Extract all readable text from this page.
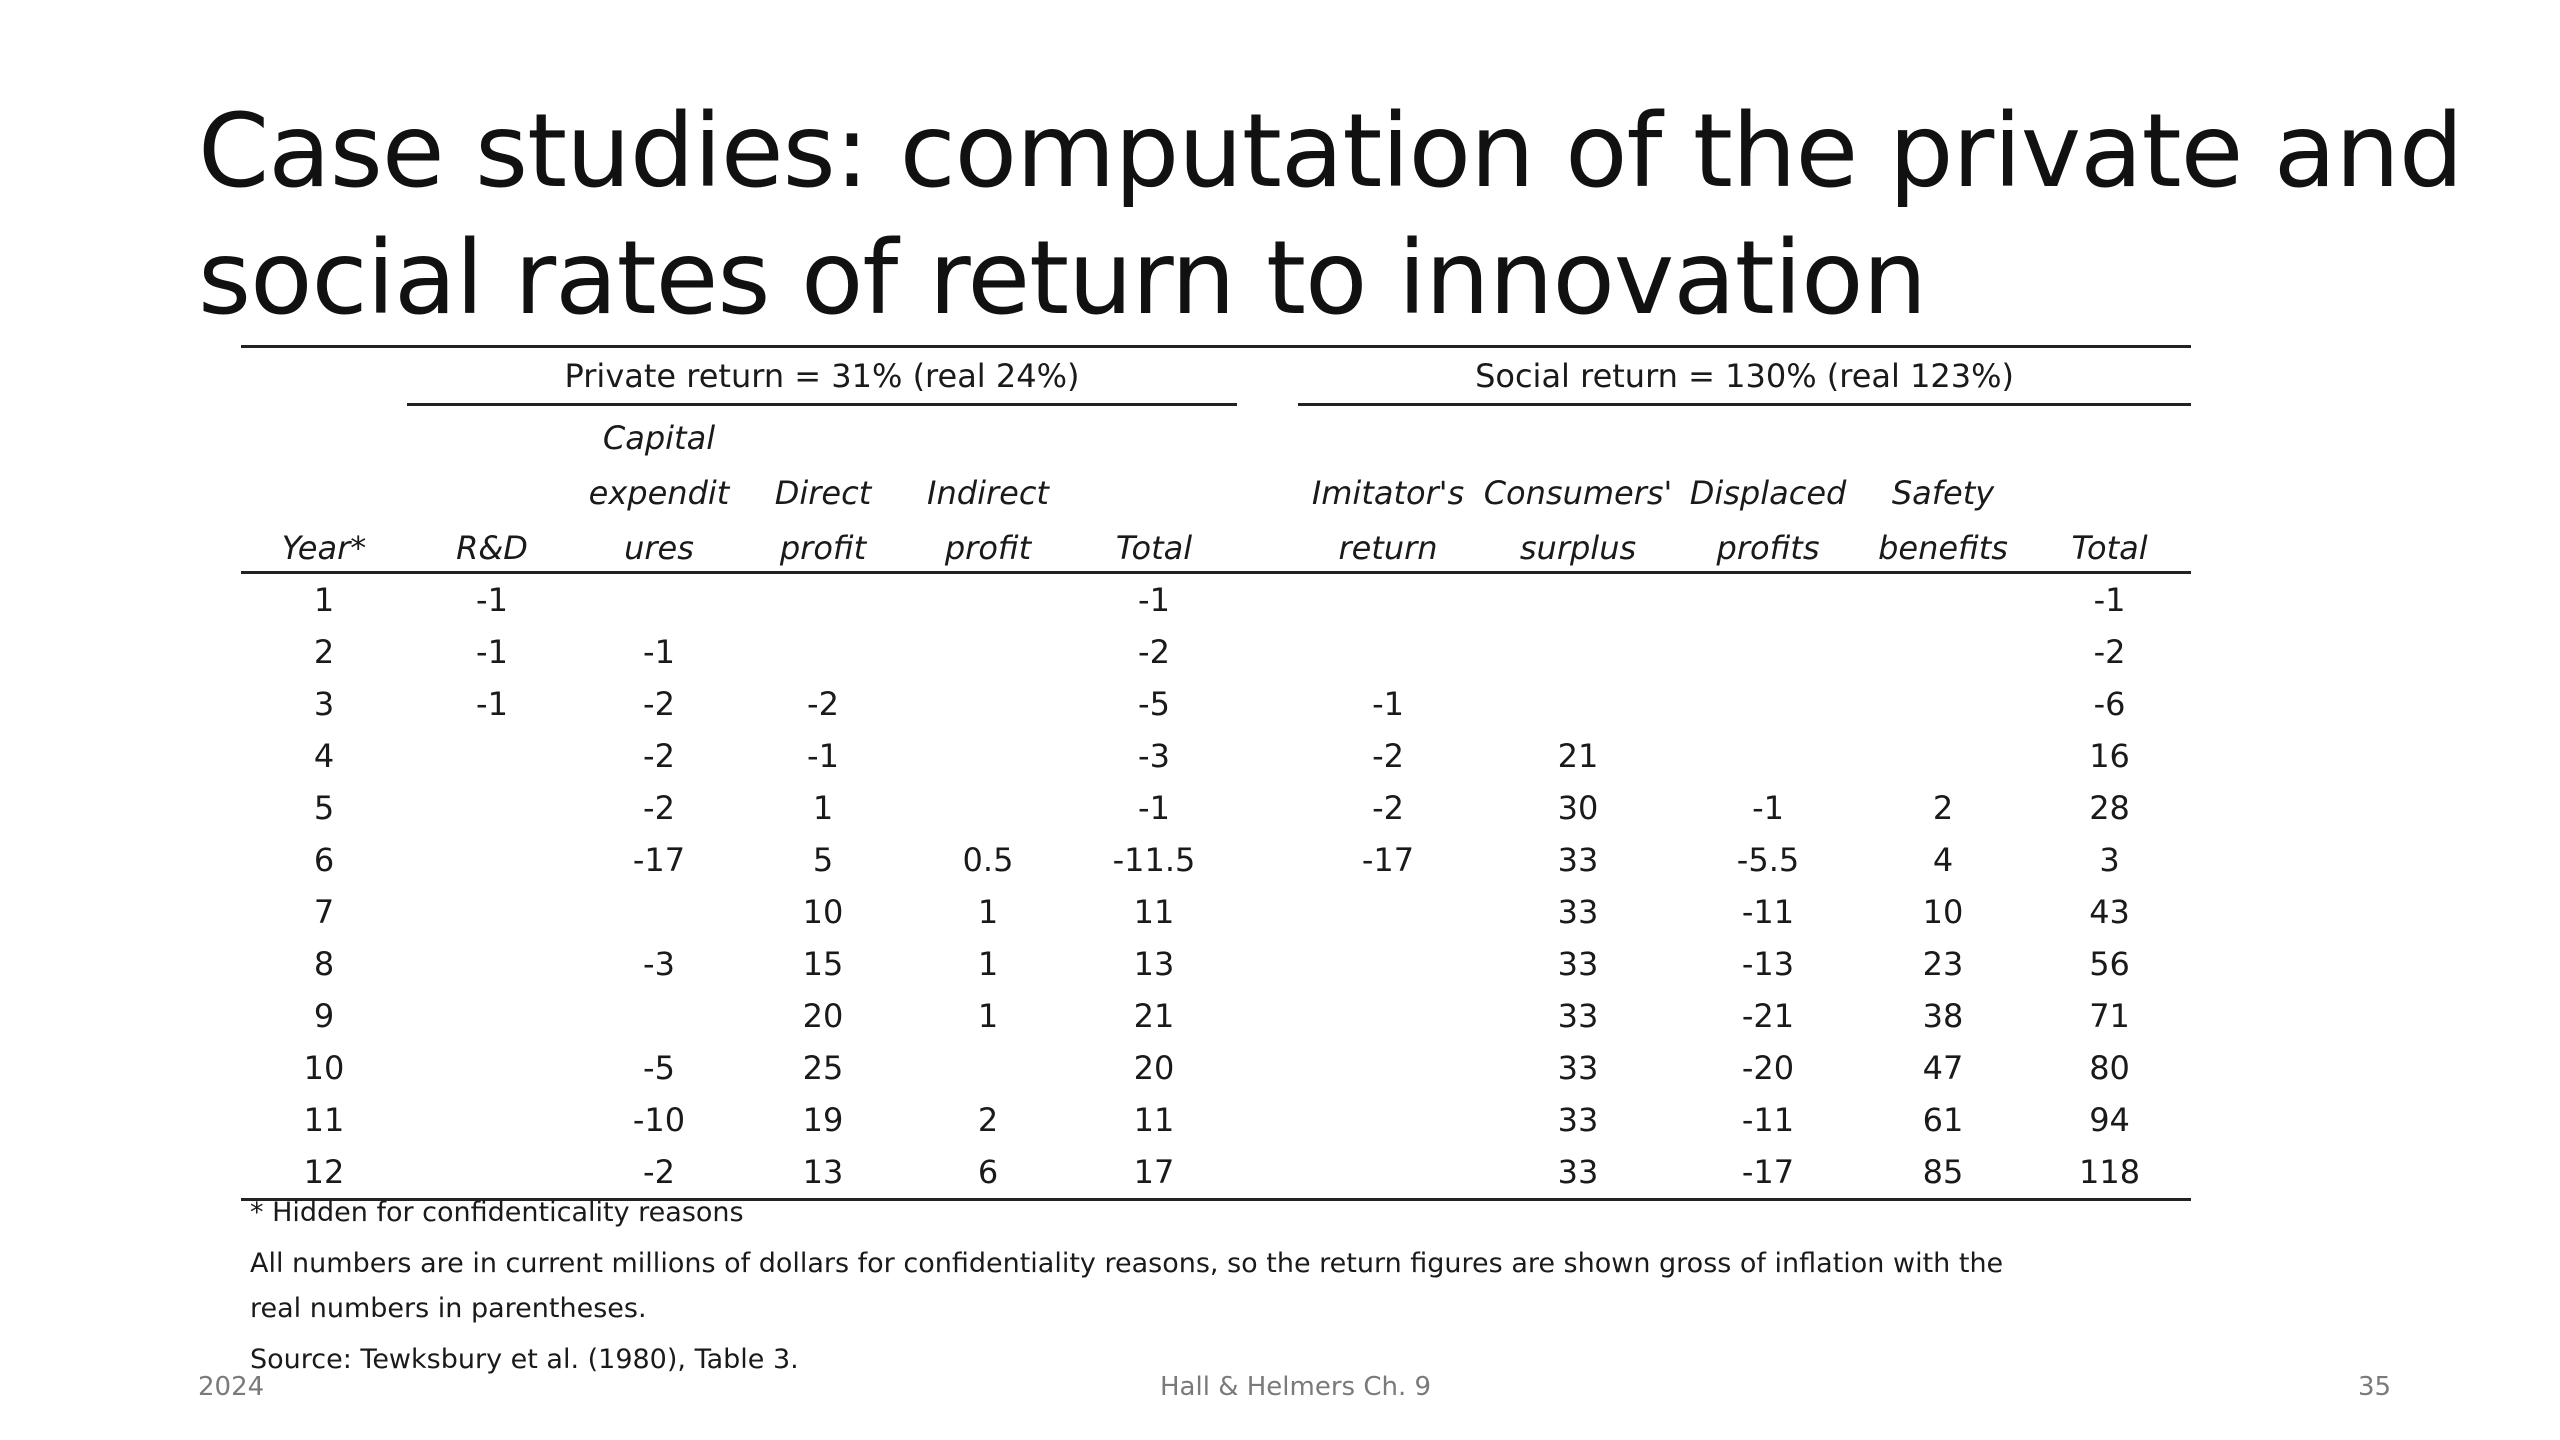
Case studies: computation of the private and
social rates of return to innovation
	Private return = 31% (real 24%)						Social return = 130% (real 123%)				
		Capital									
		expendit	Direct	Indirect			Imitator's	Consumers'	Displaced	Safety	
Year*	R&D	ures	profit	profit	Total		return	surplus	profits	benefits	Total
1	-1				-1						-1
2	-1	-1			-2						-2
3	-1	-2	-2		-5		-1				-6
4		-2	-1		-3		-2	21			16
5		-2	1		-1		-2	30	-1	2	28
6		-17	5	0.5	-11.5		-17	33	-5.5	4	3
7			10	1	11			33	-11	10	43
8		-3	15	1	13			33	-13	23	56
9			20	1	21			33	-21	38	71
10		-5	25		20			33	-20	47	80
11		-10	19	2	11			33	-11	61	94
12		-2	13	6	17			33	-17	85	118

* Hidden for confidenticality reasons

All numbers are in current millions of dollars for confidentiality reasons, so the return figures are shown gross of inflation with the

real numbers in parentheses.

Source: Tewksbury et al. (1980), Table 3.

2024	Hall & Helmers Ch. 9	35
